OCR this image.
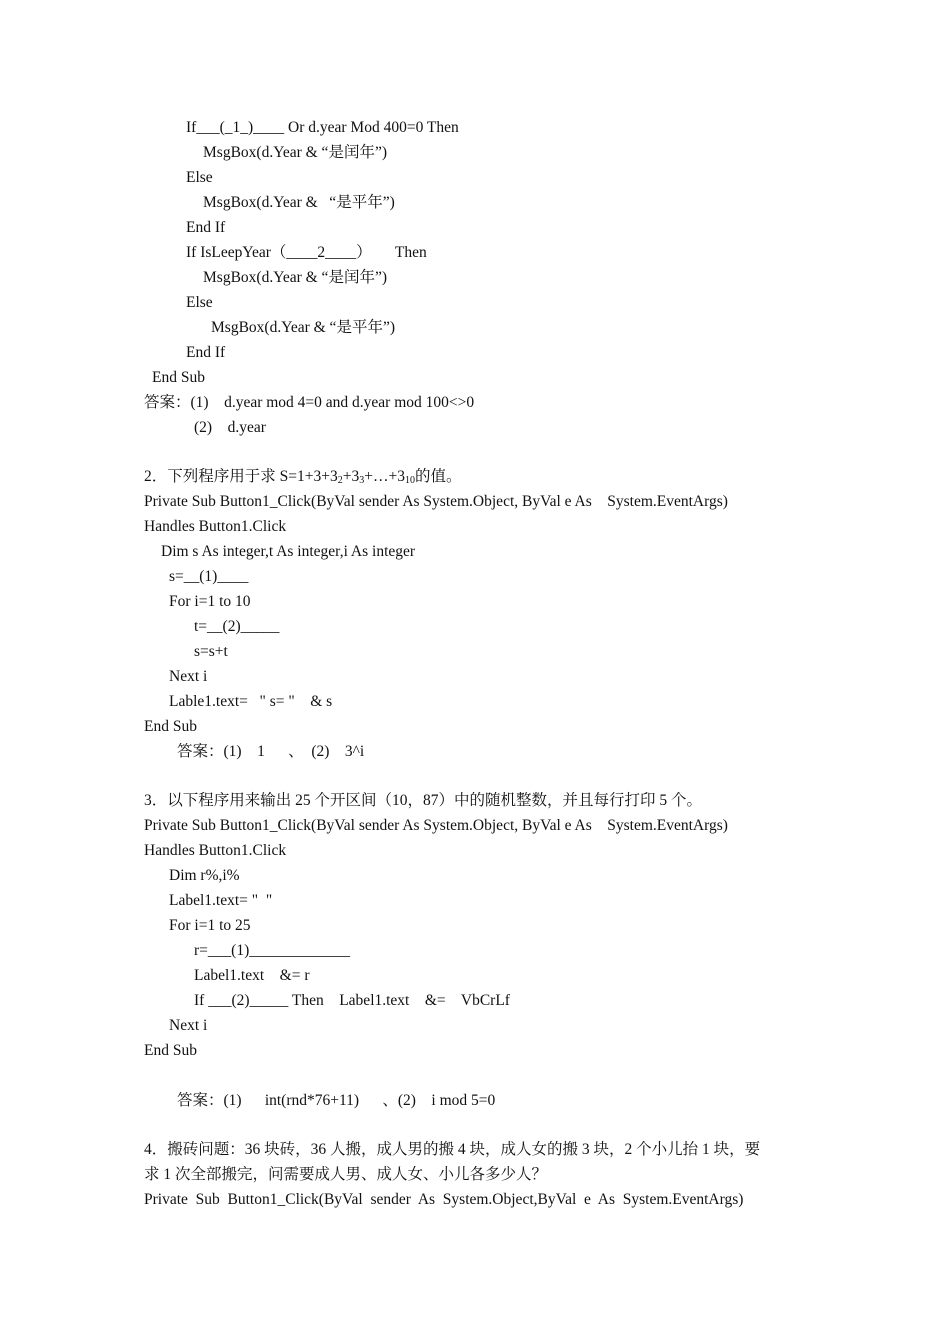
If___(_1_)____ Or d.year Mod 400=0 Then
MsgBox(d.Year & “是闰年”)
Else
MsgBox(d.Year &   “是平年”)
End If
If IsLeepYear（____2____）      Then
MsgBox(d.Year & “是闰年”)
Else
MsgBox(d.Year & “是平年”)
End If
End Sub
答案：(1)    d.year mod 4=0 and d.year mod 100<>0
(2)    d.year
2．下列程序用于求 $S=1+3+3_2+3_3+\dots+3_{10}$的值。
Private Sub Button1_Click(ByVal sender As System.Object, ByVal e As    System.EventArgs)
Handles Button1.Click
Dim s As integer,t As integer,i As integer
s=__(1)____
For i=1 to 10
t=__(2)_____
s=s+t
Next i
Lable1.text=   " s= "    & s
End Sub
答案：(1)    1      、  (2)    3^i
3．以下程序用来输出 25 个开区间（10，87）中的随机整数，并且每行打印 5 个。
Private Sub Button1_Click(ByVal sender As System.Object, ByVal e As    System.EventArgs)
Handles Button1.Click
Dim r%,i%
Label1.text= "  "
For i=1 to 25
r=___(1)_____________
Label1.text    &= r
If ___(2)_____ Then    Label1.text    &=    VbCrLf
Next i
End Sub
答案：(1)      int(rnd*76+11)      、(2)    i mod 5=0
4．搬砖问题：36 块砖，36 人搬，成人男的搬 4 块，成人女的搬 3 块，2 个小儿抬 1 块，要
求 1 次全部搬完，问需要成人男、成人女、小儿各多少人？
Private  Sub  Button1_Click(ByVal  sender  As  System.Object,ByVal  e  As  System.EventArgs)
